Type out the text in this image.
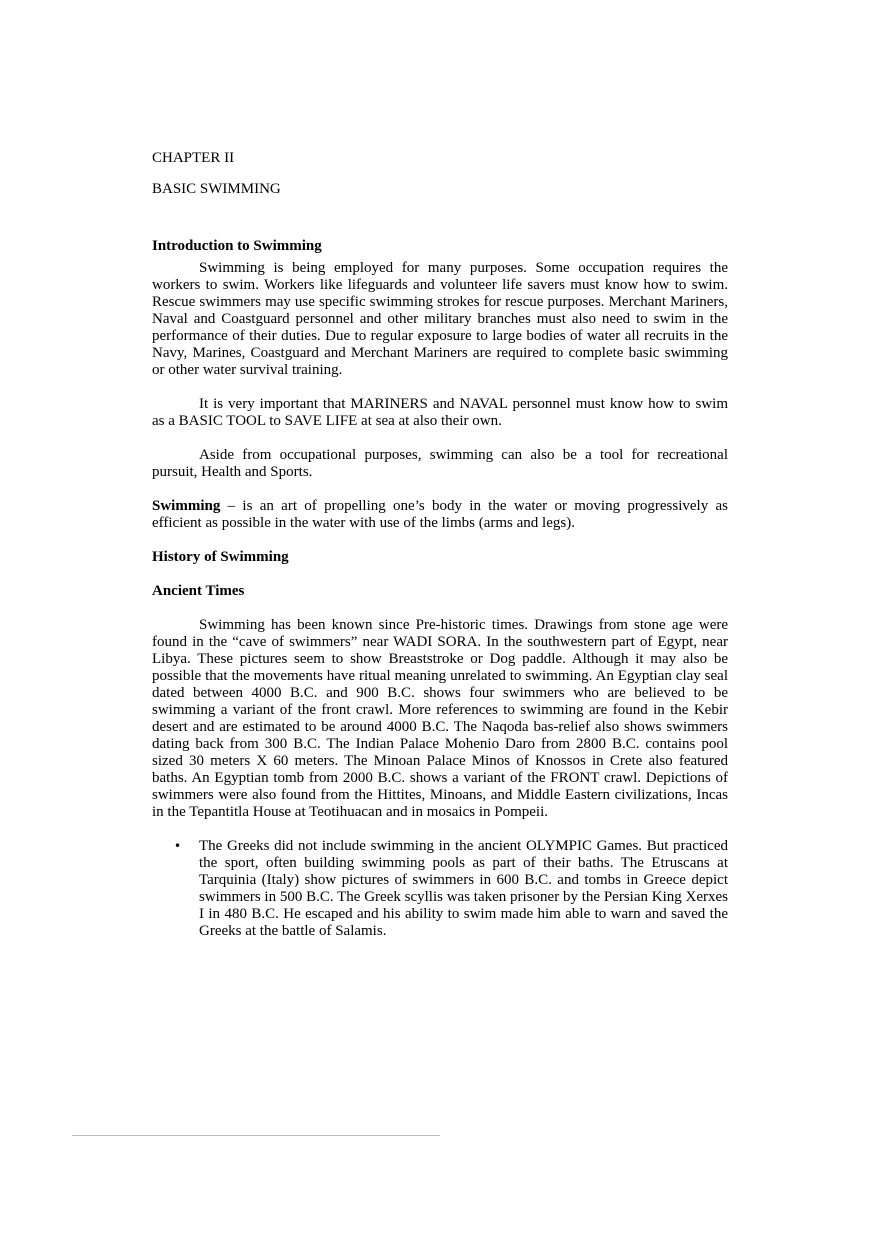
CHAPTER II

BASIC SWIMMING

Introduction to Swimming

Swimming is being employed for many purposes. Some occupation requires the workers to swim. Workers like lifeguards and volunteer life savers must know how to swim. Rescue swimmers may use specific swimming strokes for rescue purposes. Merchant Mariners, Naval and Coastguard personnel and other military branches must also need to swim in the performance of their duties. Due to regular exposure to large bodies of water all recruits in the Navy, Marines, Coastguard and Merchant Mariners are required to complete basic swimming or other water survival training.

It is very important that MARINERS and NAVAL personnel must know how to swim as a BASIC TOOL to SAVE LIFE at sea at also their own.

Aside from occupational purposes, swimming can also be a tool for recreational pursuit, Health and Sports.

Swimming – is an art of propelling one’s body in the water or moving progressively as efficient as possible in the water with use of the limbs (arms and legs).

History of Swimming

Ancient Times

Swimming has been known since Pre-historic times. Drawings from stone age were found in the “cave of swimmers” near WADI SORA. In the southwestern part of Egypt, near Libya. These pictures seem to show Breaststroke or Dog paddle. Although it may also be possible that the movements have ritual meaning unrelated to swimming. An Egyptian clay seal dated between 4000 B.C. and 900 B.C. shows four swimmers who are believed to be swimming a variant of the front crawl. More references to swimming are found in the Kebir desert and are estimated to be around 4000 B.C. The Naqoda bas-relief also shows swimmers dating back from 300 B.C. The Indian Palace Mohenio Daro from 2800 B.C. contains pool sized 30 meters X 60 meters. The Minoan Palace Minos of Knossos in Crete also featured baths. An Egyptian tomb from 2000 B.C. shows a variant of the FRONT crawl. Depictions of swimmers were also found from the Hittites, Minoans, and Middle Eastern civilizations, Incas in the Tepantitla House at Teotihuacan and in mosaics in Pompeii.

• The Greeks did not include swimming in the ancient OLYMPIC Games. But practiced the sport, often building swimming pools as part of their baths. The Etruscans at Tarquinia (Italy) show pictures of swimmers in 600 B.C. and tombs in Greece depict swimmers in 500 B.C. The Greek scyllis was taken prisoner by the Persian King Xerxes I in 480 B.C. He escaped and his ability to swim made him able to warn and saved the Greeks at the battle of Salamis.
